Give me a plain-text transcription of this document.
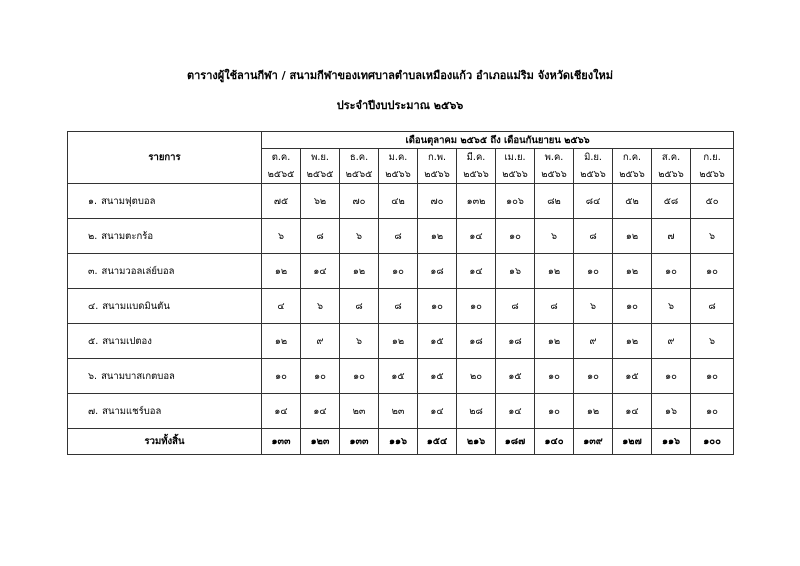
ตารางผู้ใช้ลานกีฬา / สนามกีฬาของเทศบาลตำบลเหมืองแก้ว อำเภอแม่ริม จังหวัดเชียงใหม่
ประจำปีงบประมาณ ๒๕๖๖
รายการ	เดือนตุลาคม ๒๕๖๕ ถึง เดือนกันยายน ๒๕๖๖											
	ต.ค.	พ.ย.	ธ.ค.	ม.ค.	ก.พ.	มี.ค.	เม.ย.	พ.ค.	มิ.ย.	ก.ค.	ส.ค.	ก.ย.
	๒๕๖๕	๒๕๖๕	๒๕๖๕	๒๕๖๖	๒๕๖๖	๒๕๖๖	๒๕๖๖	๒๕๖๖	๒๕๖๖	๒๕๖๖	๒๕๖๖	๒๕๖๖
๑. สนามฟุตบอล	๗๕	๖๒	๗๐	๔๒	๗๐	๑๓๒	๑๐๖	๘๒	๘๔	๕๒	๕๘	๕๐
๒. สนามตะกร้อ	๖	๘	๖	๘	๑๒	๑๔	๑๐	๖	๘	๑๒	๗	๖
๓. สนามวอลเล่ย์บอล	๑๒	๑๔	๑๒	๑๐	๑๘	๑๔	๑๖	๑๒	๑๐	๑๒	๑๐	๑๐
๔. สนามแบดมินตัน	๔	๖	๘	๘	๑๐	๑๐	๘	๘	๖	๑๐	๖	๘
๕. สนามเปตอง	๑๒	๙	๖	๑๒	๑๕	๑๘	๑๘	๑๒	๙	๑๒	๙	๖
๖. สนามบาสเกตบอล	๑๐	๑๐	๑๐	๑๕	๑๕	๒๐	๑๕	๑๐	๑๐	๑๕	๑๐	๑๐
๗. สนามแชร์บอล	๑๔	๑๔	๒๓	๒๓	๑๔	๒๘	๑๔	๑๐	๑๒	๑๔	๑๖	๑๐
รวมทั้งสิ้น	๑๓๓	๑๒๓	๑๓๓	๑๑๖	๑๕๔	๒๑๖	๑๘๗	๑๔๐	๑๓๙	๑๒๗	๑๑๖	๑๐๐
